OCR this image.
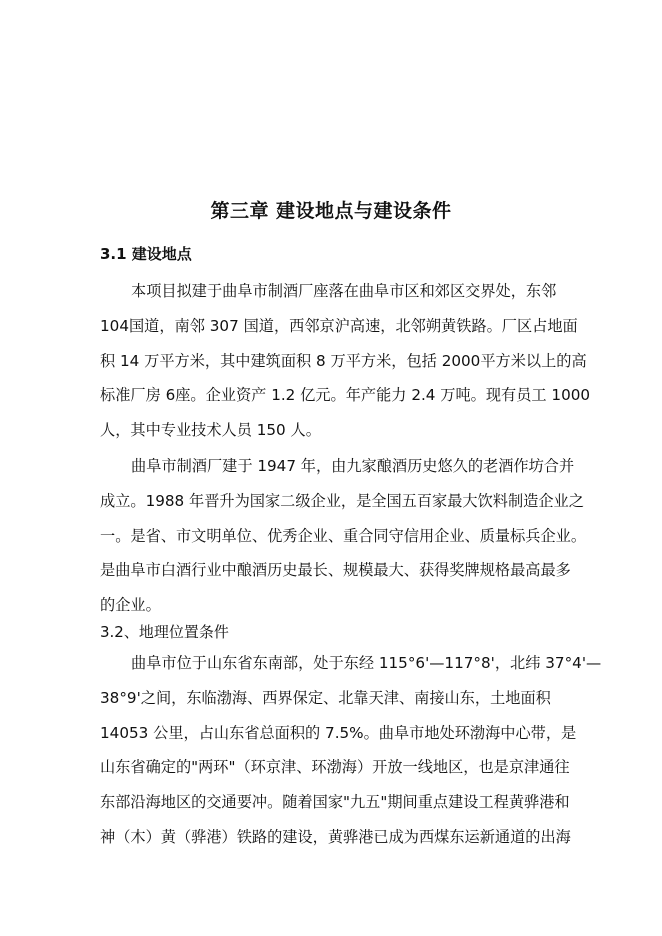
第三章 建设地点与建设条件
3.1 建设地点
本项目拟建于曲阜市制酒厂座落在曲阜市区和郊区交界处，东邻
104国道，南邻 307 国道，西邻京沪高速，北邻朔黄铁路。厂区占地面
积 14 万平方米，其中建筑面积 8 万平方米，包括 2000平方米以上的高
标准厂房 6座。企业资产 1.2 亿元。年产能力 2.4 万吨。现有员工 1000
人，其中专业技术人员 150 人。
曲阜市制酒厂建于 1947 年，由九家酿酒历史悠久的老酒作坊合并
成立。1988 年晋升为国家二级企业，是全国五百家最大饮料制造企业之
一。是省、市文明单位、优秀企业、重合同守信用企业、质量标兵企业。
是曲阜市白酒行业中酿酒历史最长、规模最大、获得奖牌规格最高最多
的企业。
3.2、地理位置条件
曲阜市位于山东省东南部，处于东经 115°6'—117°8'，北纬 37°4'—
38°9'之间，东临渤海、西界保定、北靠天津、南接山东，土地面积
14053 公里，占山东省总面积的 7.5%。曲阜市地处环渤海中心带，是
山东省确定的"两环"（环京津、环渤海）开放一线地区，也是京津通往
东部沿海地区的交通要冲。随着国家"九五"期间重点建设工程黄骅港和
神（木）黄（骅港）铁路的建设，黄骅港已成为西煤东运新通道的出海
